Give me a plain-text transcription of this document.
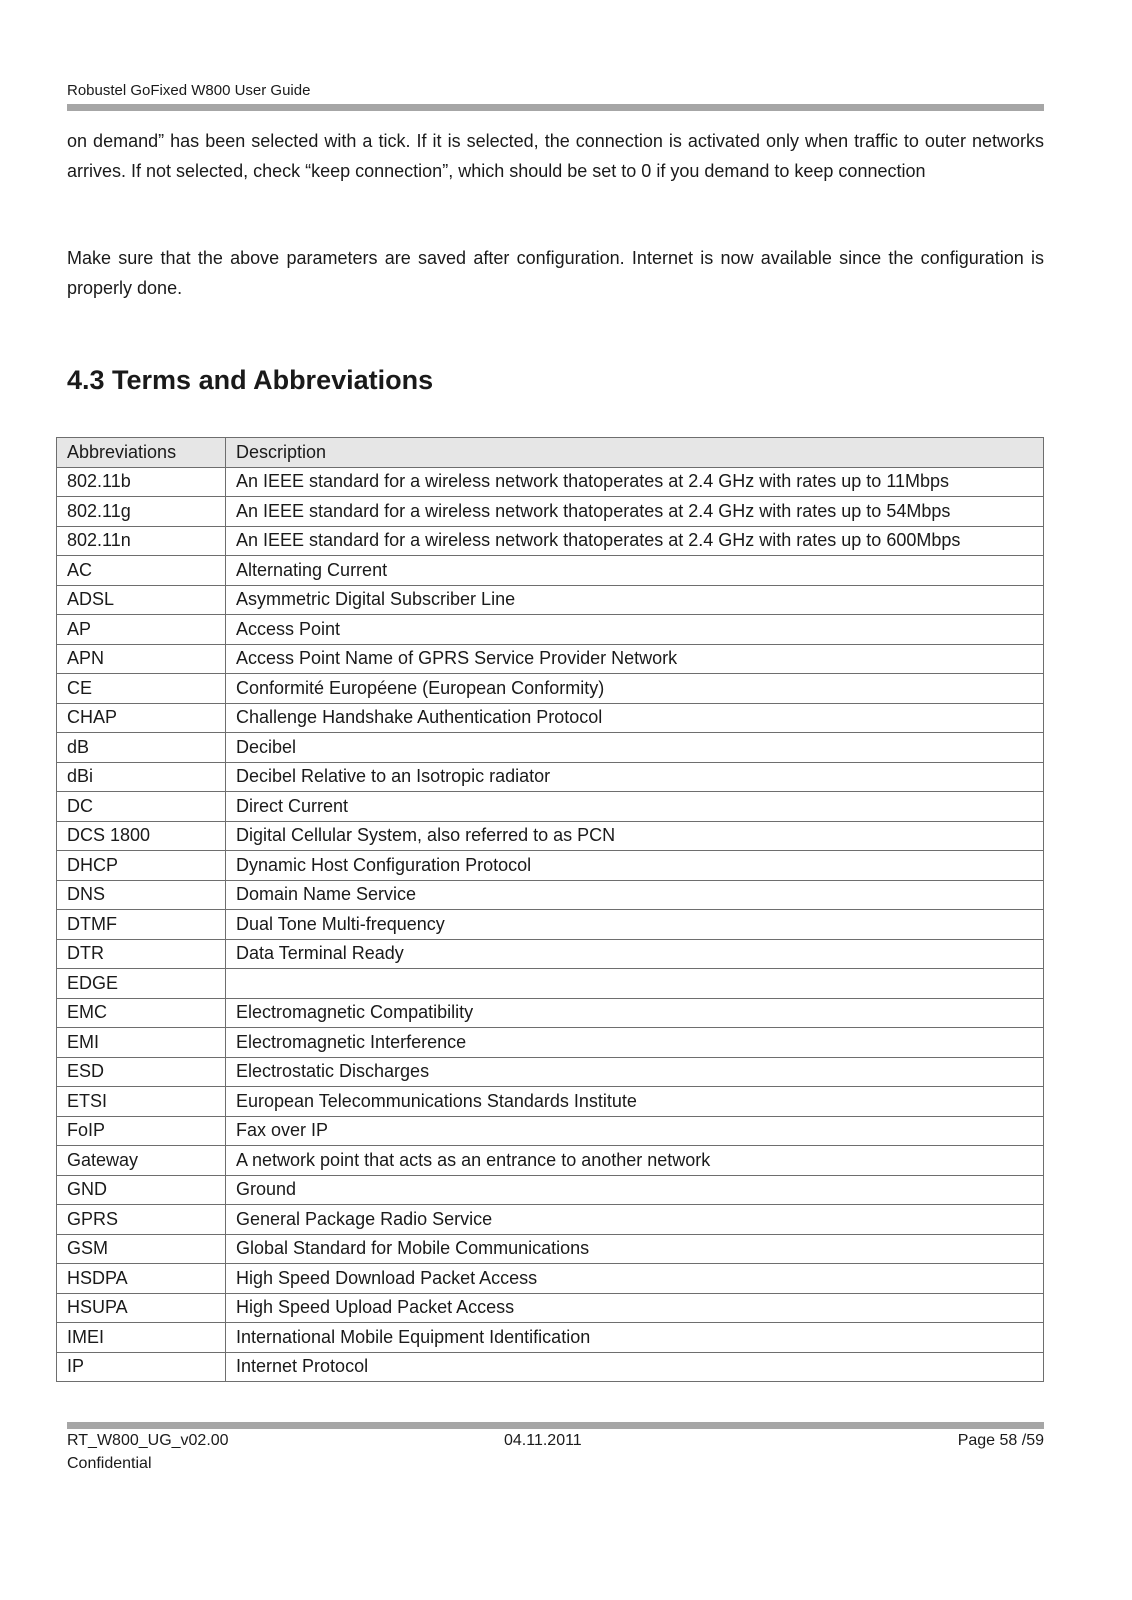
Robustel GoFixed W800 User Guide
on demand” has been selected with a tick. If it is selected, the connection is activated only when traffic to outer networks arrives. If not selected, check “keep connection”, which should be set to 0 if you demand to keep connection
Make sure that the above parameters are saved after configuration. Internet is now available since the configuration is properly done.
4.3 Terms and Abbreviations
Abbreviations	Description
802.11b	An IEEE standard for a wireless network thatoperates at 2.4 GHz with rates up to 11Mbps
802.11g	An IEEE standard for a wireless network thatoperates at 2.4 GHz with rates up to 54Mbps
802.11n	An IEEE standard for a wireless network thatoperates at 2.4 GHz with rates up to 600Mbps
AC	Alternating Current
ADSL	Asymmetric Digital Subscriber Line
AP	Access Point
APN	Access Point Name of GPRS Service Provider Network
CE	Conformité Européene (European Conformity)
CHAP	Challenge Handshake Authentication Protocol
dB	Decibel
dBi	Decibel Relative to an Isotropic radiator
DC	Direct Current
DCS 1800	Digital Cellular System, also referred to as PCN
DHCP	Dynamic Host Configuration Protocol
DNS	Domain Name Service
DTMF	Dual Tone Multi-frequency
DTR	Data Terminal Ready
EDGE	
EMC	Electromagnetic Compatibility
EMI	Electromagnetic Interference
ESD	Electrostatic Discharges
ETSI	European Telecommunications Standards Institute
FoIP	Fax over IP
Gateway	A network point that acts as an entrance to another network
GND	Ground
GPRS	General Package Radio Service
GSM	Global Standard for Mobile Communications
HSDPA	High Speed Download Packet Access
HSUPA	High Speed Upload Packet Access
IMEI	International Mobile Equipment Identification
IP	Internet Protocol
RT_W800_UG_v02.00
Confidential
04.11.2011	Page 58 /59
